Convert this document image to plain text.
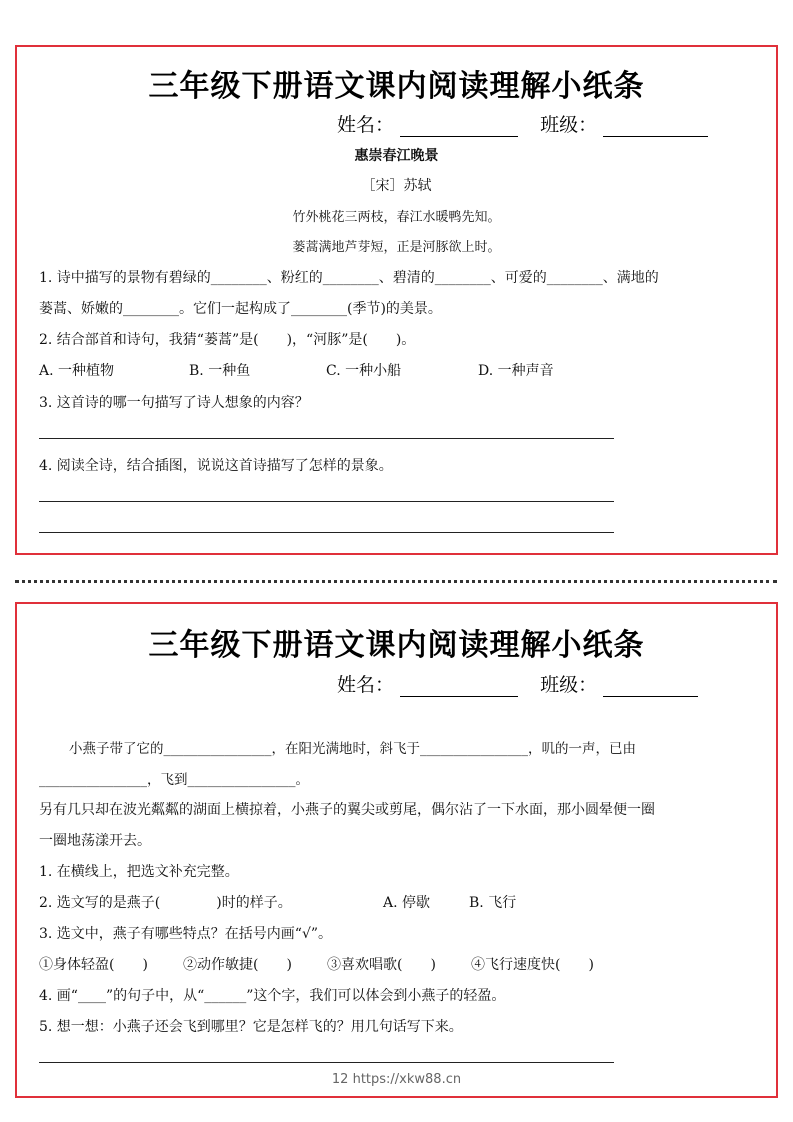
三年级下册语文课内阅读理解小纸条
姓名：	班级：
惠崇春江晚景
［宋］苏轼
竹外桃花三两枝，春江水暖鸭先知。
蒌蒿满地芦芽短，正是河豚欲上时。
1. 诗中描写的景物有碧绿的________、粉红的________、碧清的________、可爱的________、满地的
蒌蒿、娇嫩的________。它们一起构成了________(季节)的美景。
2. 结合部首和诗句，我猜“蒌蒿”是(　　)，“河豚”是(　　)。
A. 一种植物	B. 一种鱼	C. 一种小船	D. 一种声音
3. 这首诗的哪一句描写了诗人想象的内容？
4. 阅读全诗，结合插图，说说这首诗描写了怎样的景象。
三年级下册语文课内阅读理解小纸条
姓名：	班级：
小燕子带了它的________________，在阳光满地时，斜飞于________________，叽的一声，已由
________________，飞到________________。
另有几只却在波光粼粼的湖面上横掠着，小燕子的翼尖或剪尾，偶尔沾了一下水面，那小圆晕便一圈
一圈地荡漾开去。
1. 在横线上，把选文补充完整。
2. 选文写的是燕子(　　　　)时的样子。	A. 停歇	B. 飞行
3. 选文中，燕子有哪些特点？在括号内画“√”。
①身体轻盈(　　)	②动作敏捷(　　)	③喜欢唱歌(　　)	④飞行速度快(　　)
4. 画“____”的句子中，从“______”这个字，我们可以体会到小燕子的轻盈。
5. 想一想：小燕子还会飞到哪里？它是怎样飞的？用几句话写下来。
12 https://xkw88.cn
